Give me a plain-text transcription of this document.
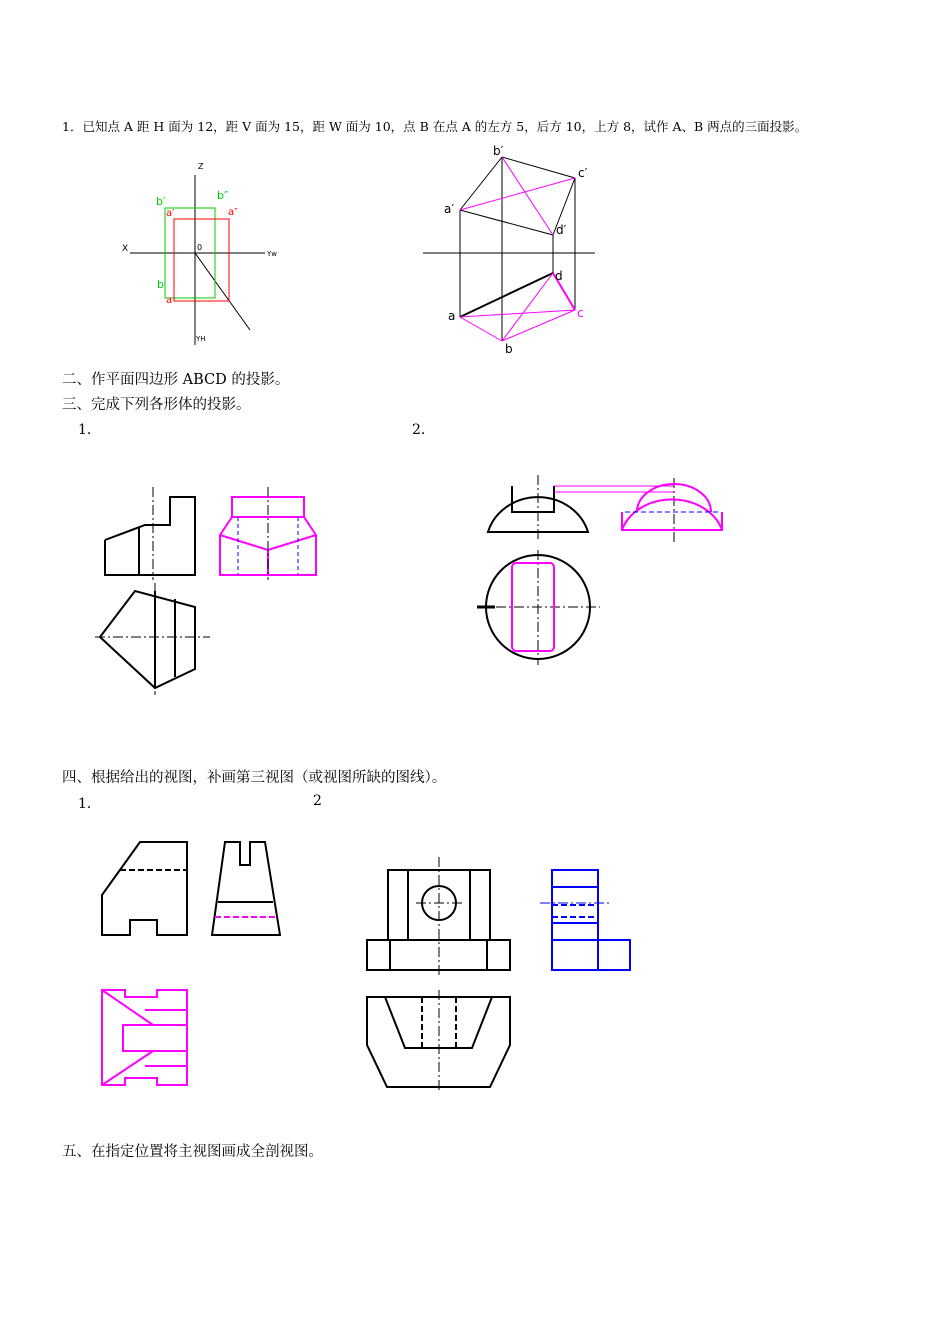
1．已知点 A 距 H 面为 12，距 V 面为 15，距 W 面为 10，点 B 在点 A 的左方 5，后方 10，上方 8，试作 A、B 两点的三面投影。
二、作平面四边形 ABCD 的投影。
三、完成下列各形体的投影。
1．	2．
四、根据给出的视图，补画第三视图（或视图所缺的图线）。
1．	2
五、在指定位置将主视图画成全剖视图。
Z
X	0
Yw
YH
b′	b″
a′	a″
b
a
b′
c′
a′
d′
d
a	c
b
